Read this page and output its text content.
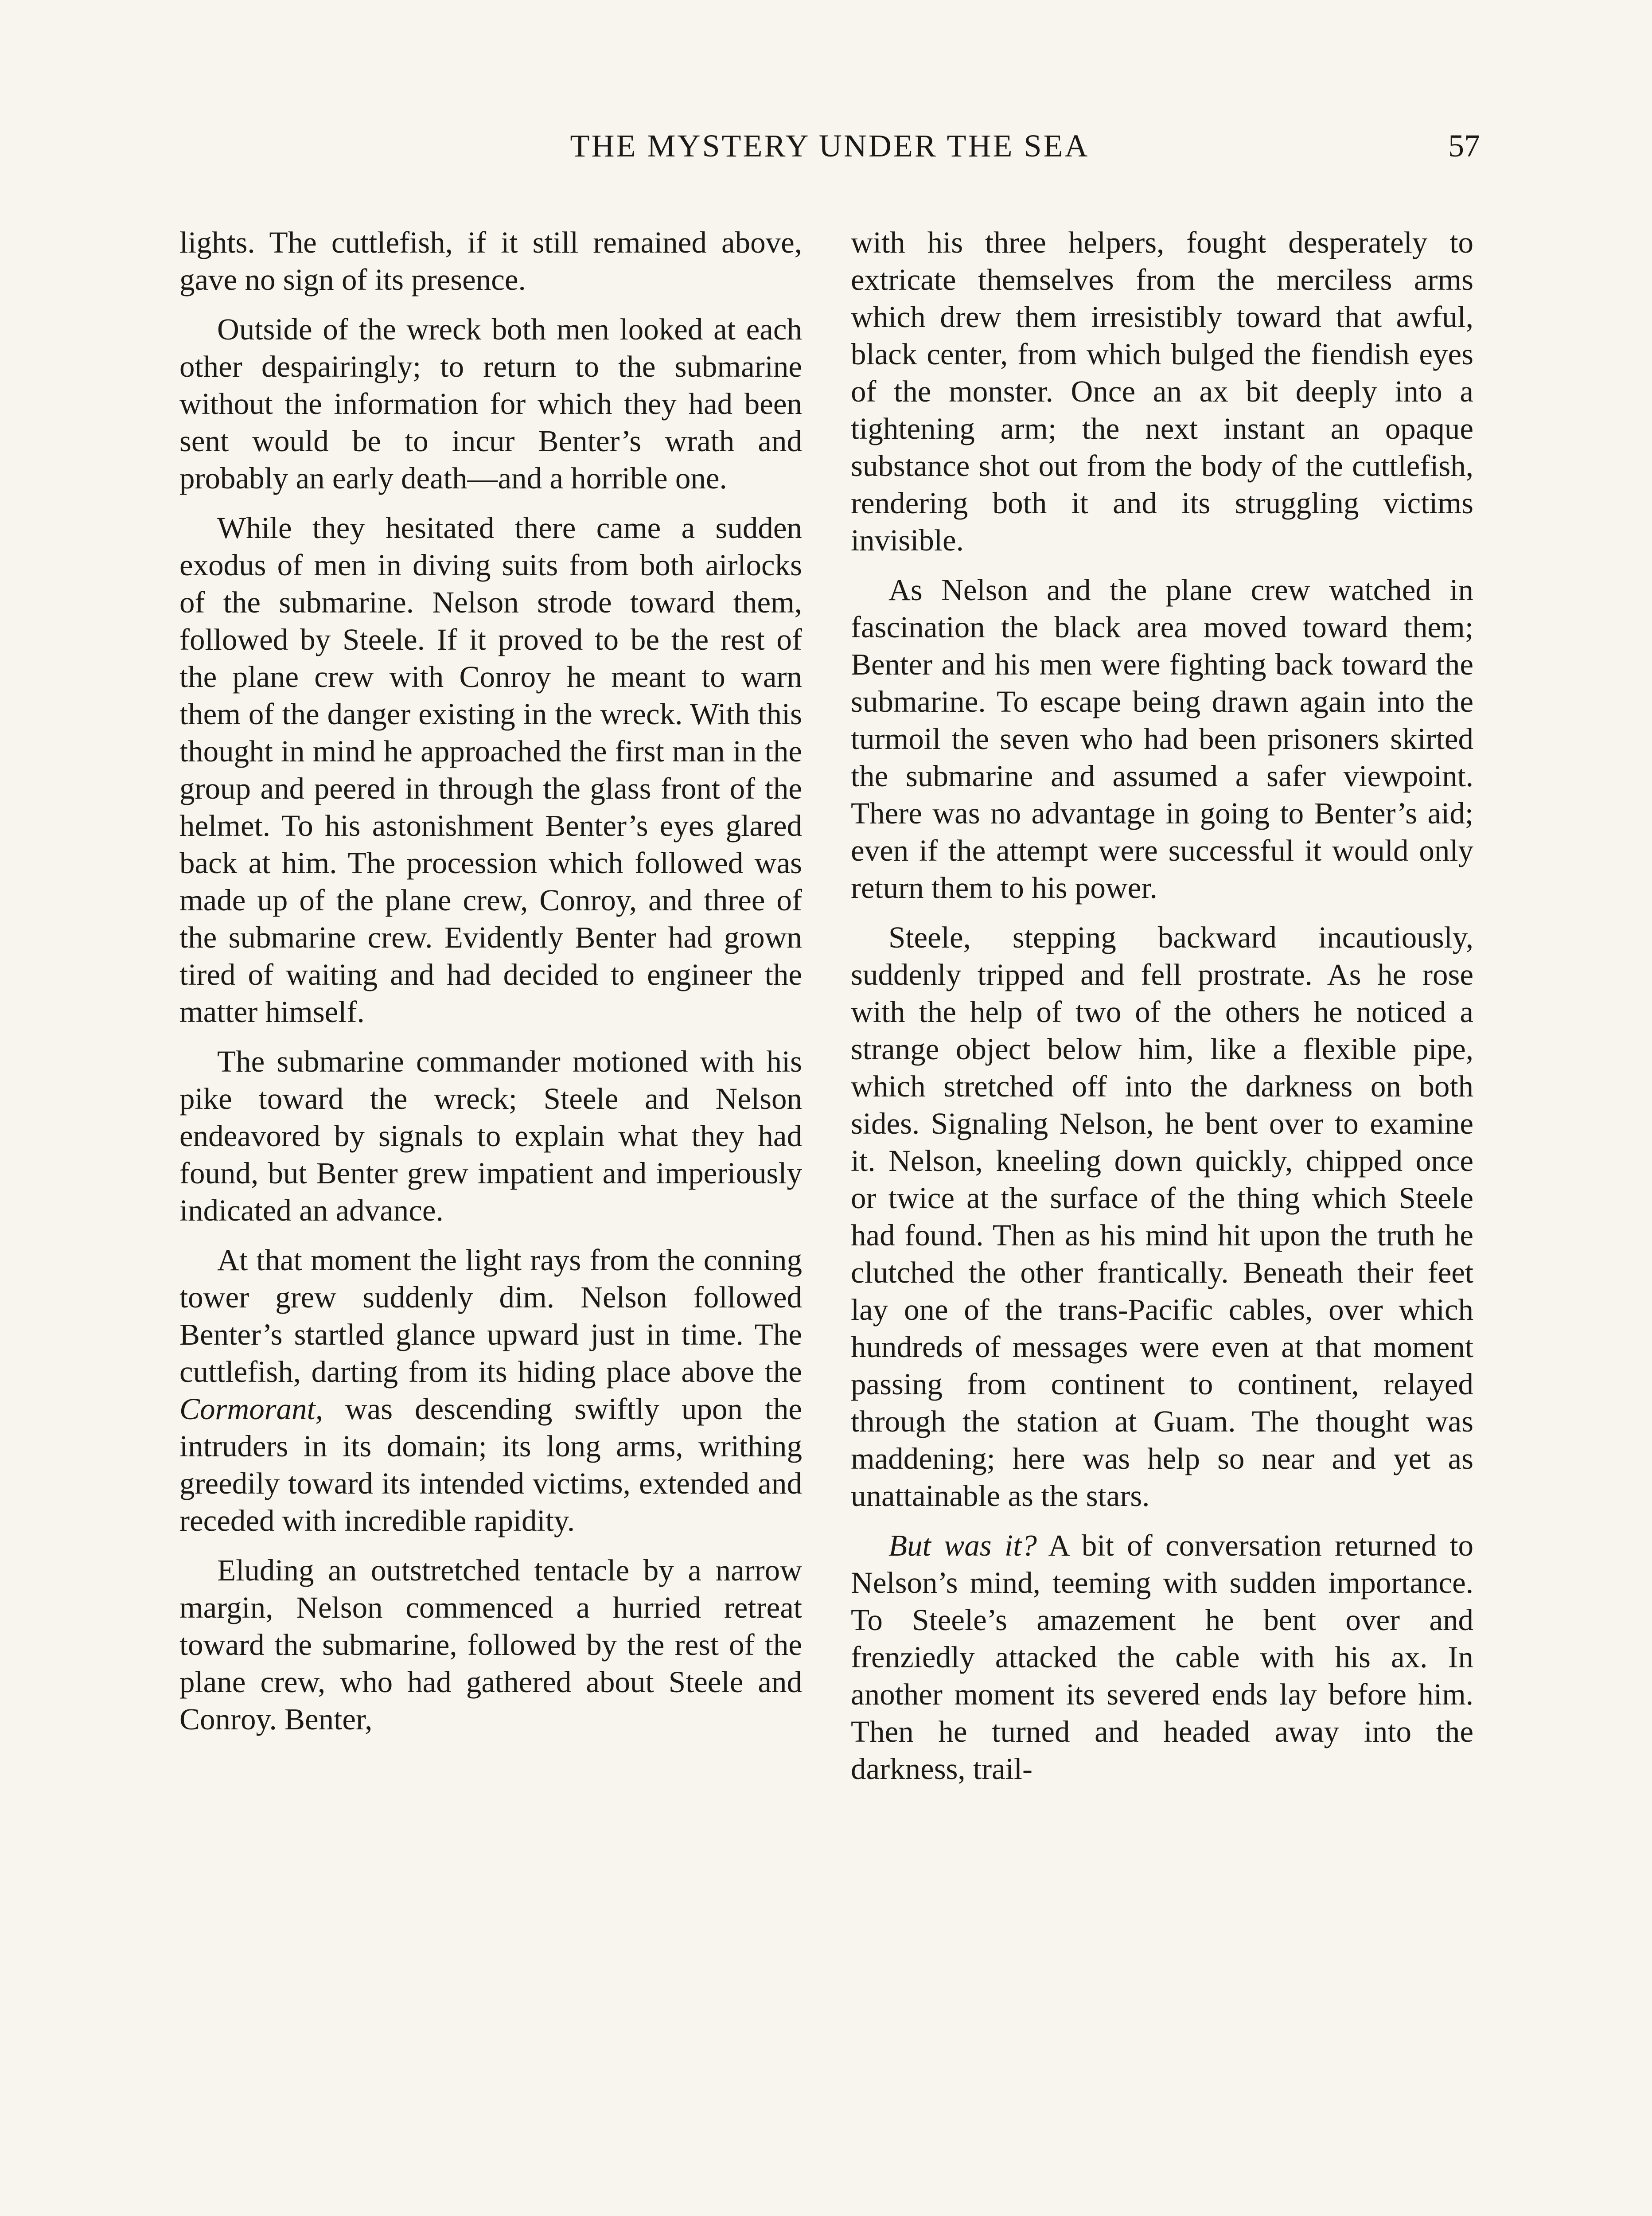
THE MYSTERY UNDER THE SEA	57

lights. The cuttlefish, if it still remained above, gave no sign of its presence.

Outside of the wreck both men looked at each other despairingly; to return to the submarine without the information for which they had been sent would be to incur Benter’s wrath and probably an early death—and a horrible one.

While they hesitated there came a sudden exodus of men in diving suits from both airlocks of the submarine. Nelson strode toward them, followed by Steele. If it proved to be the rest of the plane crew with Conroy he meant to warn them of the danger existing in the wreck. With this thought in mind he approached the first man in the group and peered in through the glass front of the helmet. To his astonishment Benter’s eyes glared back at him. The procession which followed was made up of the plane crew, Conroy, and three of the submarine crew. Evidently Benter had grown tired of waiting and had decided to engineer the matter himself.

The submarine commander motioned with his pike toward the wreck; Steele and Nelson endeavored by signals to explain what they had found, but Benter grew impatient and imperiously indicated an advance.

At that moment the light rays from the conning tower grew suddenly dim. Nelson followed Benter’s startled glance upward just in time. The cuttlefish, darting from its hiding place above the Cormorant, was descending swiftly upon the intruders in its domain; its long arms, writhing greedily toward its intended victims, extended and receded with incredible rapidity.

Eluding an outstretched tentacle by a narrow margin, Nelson commenced a hurried retreat toward the submarine, followed by the rest of the plane crew, who had gathered about Steele and Conroy. Benter,

with his three helpers, fought desperately to extricate themselves from the merciless arms which drew them irresistibly toward that awful, black center, from which bulged the fiendish eyes of the monster. Once an ax bit deeply into a tightening arm; the next instant an opaque substance shot out from the body of the cuttlefish, rendering both it and its struggling victims invisible.

As Nelson and the plane crew watched in fascination the black area moved toward them; Benter and his men were fighting back toward the submarine. To escape being drawn again into the turmoil the seven who had been prisoners skirted the submarine and assumed a safer viewpoint. There was no advantage in going to Benter’s aid; even if the attempt were successful it would only return them to his power.

Steele, stepping backward incautiously, suddenly tripped and fell prostrate. As he rose with the help of two of the others he noticed a strange object below him, like a flexible pipe, which stretched off into the darkness on both sides. Signaling Nelson, he bent over to examine it. Nelson, kneeling down quickly, chipped once or twice at the surface of the thing which Steele had found. Then as his mind hit upon the truth he clutched the other frantically. Beneath their feet lay one of the trans-Pacific cables, over which hundreds of messages were even at that moment passing from continent to continent, relayed through the station at Guam. The thought was maddening; here was help so near and yet as unattainable as the stars.

But was it? A bit of conversation returned to Nelson’s mind, teeming with sudden importance. To Steele’s amazement he bent over and frenziedly attacked the cable with his ax. In another moment its severed ends lay before him. Then he turned and headed away into the darkness, trail-
